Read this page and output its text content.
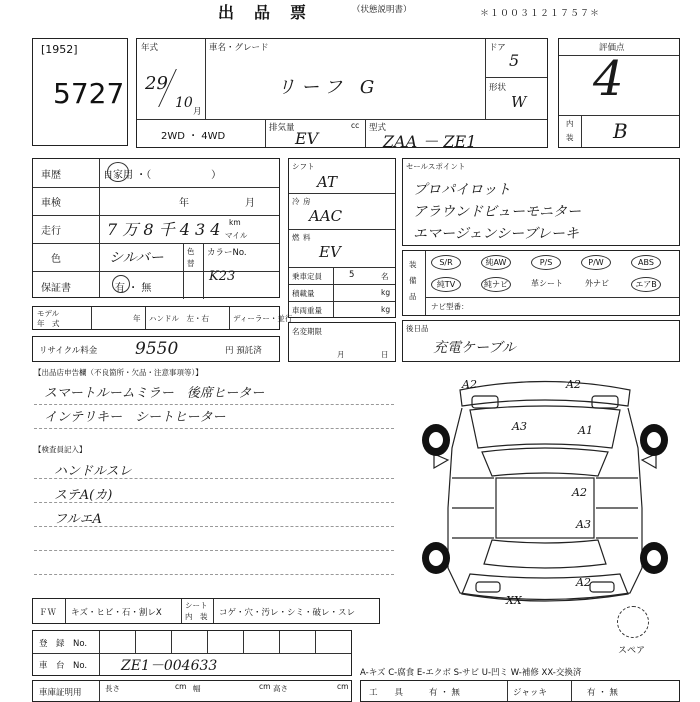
出　品　票	（状態説明書）	＊１００３１２１７５７＊
[1952]
5727
年式
29
10
月
車名・グレード
リーフ G
ドア
5
形状
W
2WD ・ 4WD
排気量	cc
EV
型式
ZAA － ZE1
評価点
4
内
装 B
車歴	自家用 ・（　　　　　　）
車検	年	月
走行	7 万 8 千 4 3 4 km
マイル
色	シルバー	色
替
カラーNo.
K23
保証書	有 ・ 無
モデル
年　式
年 ハンドル　左・右	ディーラー・並行
リサイクル料金 9550	円 預託済
シフト
AT
冷 房
AAC
燃 料
EV
乗車定員	5	名
積載量	kg
車両重量	kg
名変期限
月	日
セールスポイント
プロパイロット
アラウンドビューモニター
エマージェンシーブレーキ
装
備
品
S/R	純AW	P/S	P/W	ABS
純TV	純ナビ	革シート	外ナビ	エアB
ナビ型番：
後日品
充電ケーブル
【出品店申告欄（不良箇所・欠品・注意事項等）】
スマートルームミラー　後席ヒーター
インテリキー　シートヒーター
【検査員記入】
ハンドルスレ
ステA(カ)
フルエA
A2	A2
A3	A1
A2
A3
A2
XX
スペア
ＦＷ キズ・ヒビ・石・割レX
シート
内　装 コゲ・穴・汚レ・シミ・破レ・スレ
登　録　No.
車　台　No. ZE1－004633	A-キズ C-腐食 E-エクボ S-サビ U-凹ミ W-補修 XX-交換済
車庫証明用	長さ	cm 幅	cm 高さ	cm
工　　具	有 ・ 無	ジャッキ	有 ・ 無
